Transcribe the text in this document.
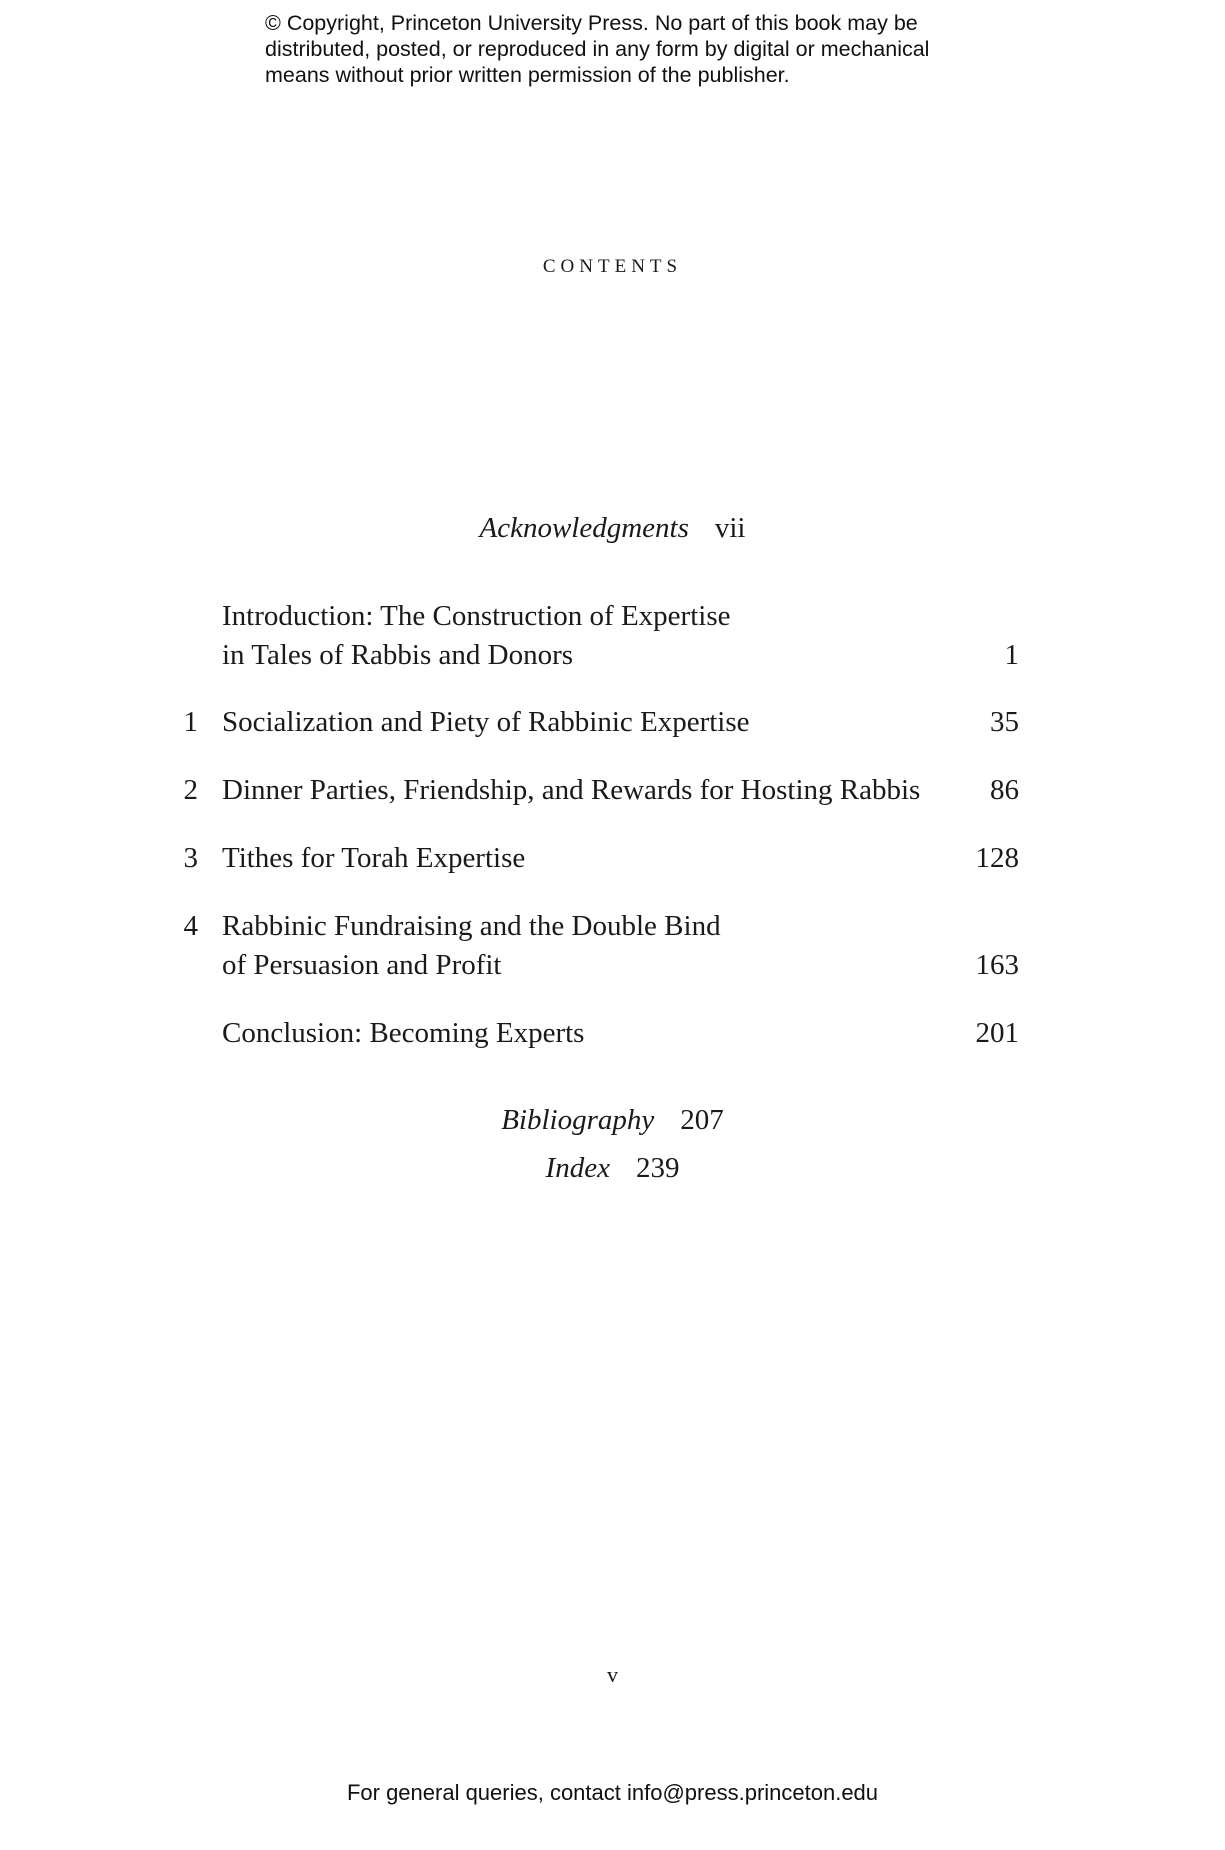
© Copyright, Princeton University Press. No part of this book may be
distributed, posted, or reproduced in any form by digital or mechanical
means without prior written permission of the publisher.
contents
Acknowledgments vii
Introduction: The Construction of Expertise
in Tales of Rabbis and Donors	1
1 Socialization and Piety of Rabbinic Expertise	35
2 Dinner Parties, Friendship, and Rewards for Hosting Rabbis	86
3 Tithes for Torah Expertise	128
4 Rabbinic Fundraising and the Double Bind
of Persuasion and Profit	163
Conclusion: Becoming Experts	201
Bibliography 207
Index 239
v
For general queries, contact info@press.princeton.edu
